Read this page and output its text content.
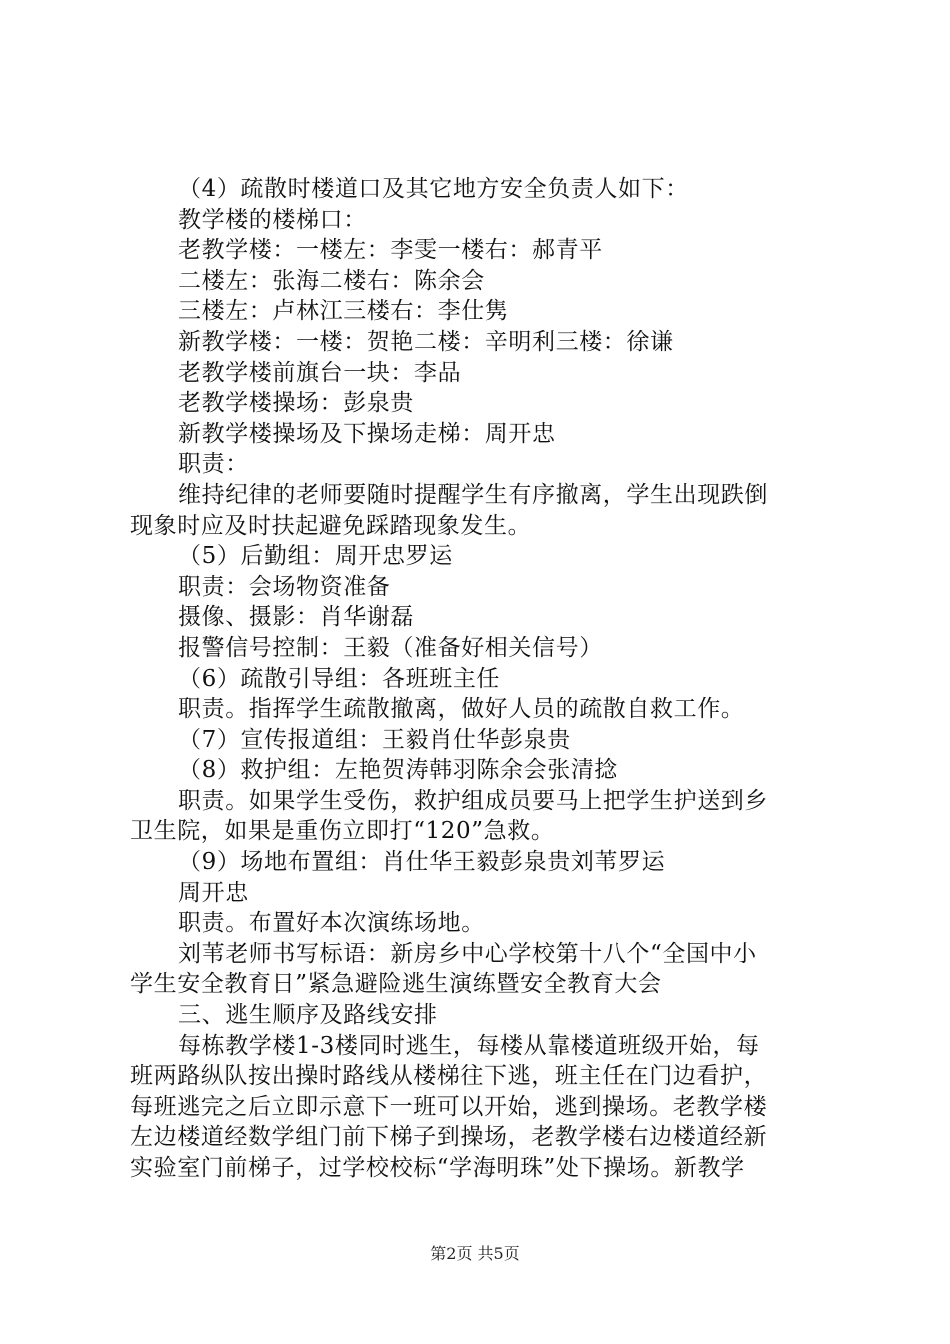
（4）疏散时楼道口及其它地方安全负责人如下：
教学楼的楼梯口：
老教学楼：一楼左：李雯一楼右：郝青平
二楼左：张海二楼右：陈余会
三楼左：卢林江三楼右：李仕隽
新教学楼：一楼：贺艳二楼：辛明利三楼：徐谦
老教学楼前旗台一块：李品
老教学楼操场：彭泉贵
新教学楼操场及下操场走梯：周开忠
职责：
维持纪律的老师要随时提醒学生有序撤离，学生出现跌倒
现象时应及时扶起避免踩踏现象发生。
（5）后勤组：周开忠罗运
职责：会场物资准备
摄像、摄影：肖华谢磊
报警信号控制：王毅（准备好相关信号）
（6）疏散引导组：各班班主任
职责。指挥学生疏散撤离，做好人员的疏散自救工作。
（7）宣传报道组：王毅肖仕华彭泉贵
（8）救护组：左艳贺涛韩羽陈余会张清捻
职责。如果学生受伤，救护组成员要马上把学生护送到乡
卫生院，如果是重伤立即打“120”急救。
（9）场地布置组：肖仕华王毅彭泉贵刘苇罗运
周开忠
职责。布置好本次演练场地。
刘苇老师书写标语：新房乡中心学校第十八个“全国中小
学生安全教育日”紧急避险逃生演练暨安全教育大会
三、逃生顺序及路线安排
每栋教学楼1-3楼同时逃生，每楼从靠楼道班级开始，每
班两路纵队按出操时路线从楼梯往下逃，班主任在门边看护，
每班逃完之后立即示意下一班可以开始，逃到操场。老教学楼
左边楼道经数学组门前下梯子到操场，老教学楼右边楼道经新
实验室门前梯子，过学校校标“学海明珠”处下操场。新教学
第2页 共5页
